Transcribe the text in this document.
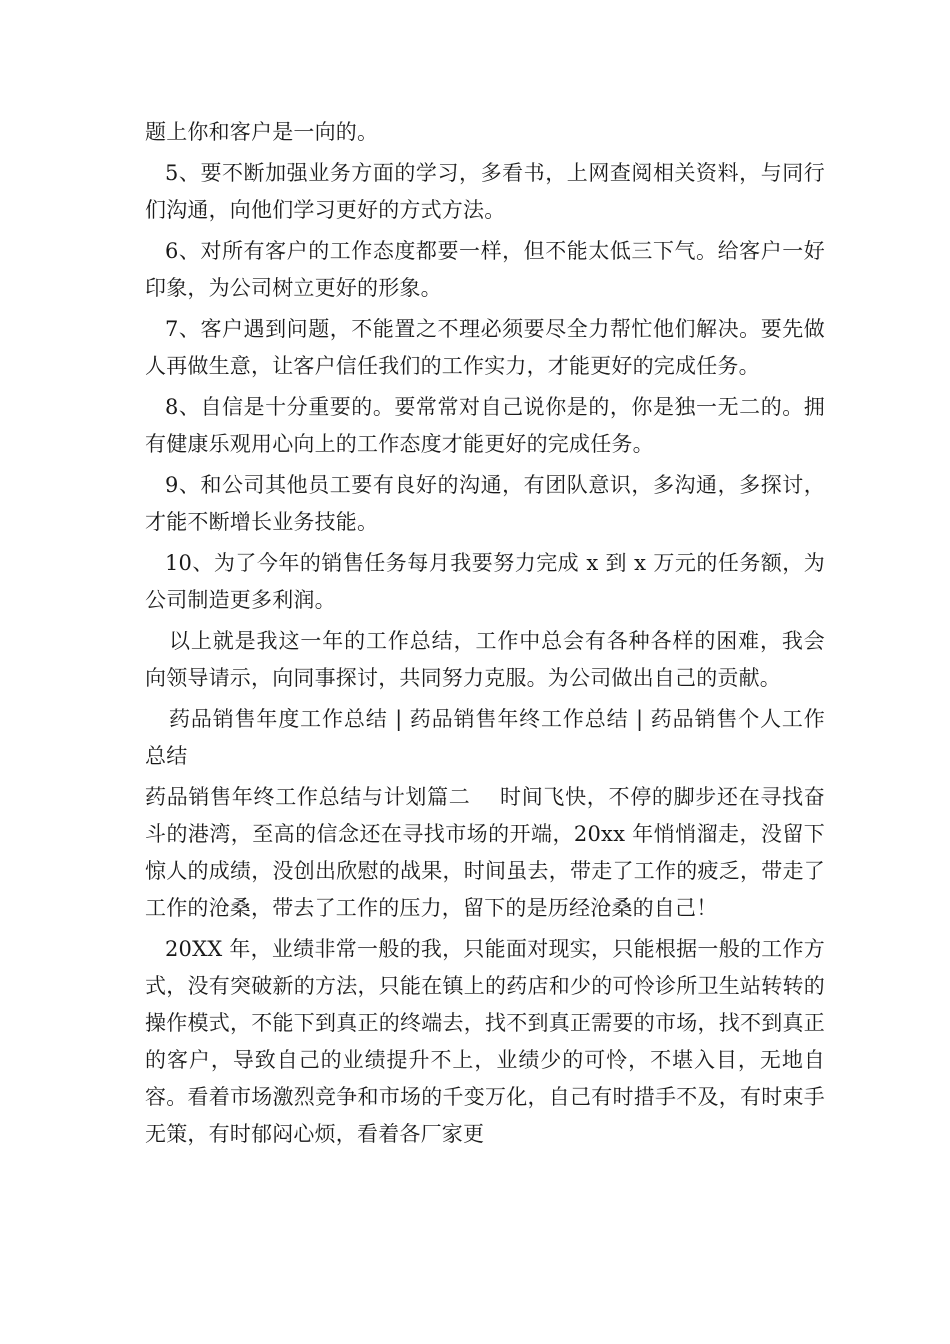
题上你和客户是一向的。

5、要不断加强业务方面的学习，多看书，上网查阅相关资料，与同行们沟通，向他们学习更好的方式方法。

6、对所有客户的工作态度都要一样，但不能太低三下气。给客户一好印象，为公司树立更好的形象。

7、客户遇到问题，不能置之不理必须要尽全力帮忙他们解决。要先做人再做生意，让客户信任我们的工作实力，才能更好的完成任务。

8、自信是十分重要的。要常常对自己说你是的，你是独一无二的。拥有健康乐观用心向上的工作态度才能更好的完成任务。

9、和公司其他员工要有良好的沟通，有团队意识，多沟通，多探讨，才能不断增长业务技能。

10、为了今年的销售任务每月我要努力完成 x 到 x 万元的任务额，为公司制造更多利润。

以上就是我这一年的工作总结，工作中总会有各种各样的困难，我会向领导请示，向同事探讨，共同努力克服。为公司做出自己的贡献。

药品销售年度工作总结 | 药品销售年终工作总结 | 药品销售个人工作总结

药品销售年终工作总结与计划篇二    时间飞快，不停的脚步还在寻找奋斗的港湾，至高的信念还在寻找市场的开端，20xx 年悄悄溜走，没留下惊人的成绩，没创出欣慰的战果，时间虽去，带走了工作的疲乏，带走了工作的沧桑，带去了工作的压力，留下的是历经沧桑的自己！

20XX 年，业绩非常一般的我，只能面对现实，只能根据一般的工作方式，没有突破新的方法，只能在镇上的药店和少的可怜诊所卫生站转转的操作模式，不能下到真正的终端去，找不到真正需要的市场，找不到真正的客户，导致自己的业绩提升不上，业绩少的可怜，不堪入目，无地自容。看着市场激烈竞争和市场的千变万化，自己有时措手不及，有时束手无策，有时郁闷心烦，看着各厂家更
